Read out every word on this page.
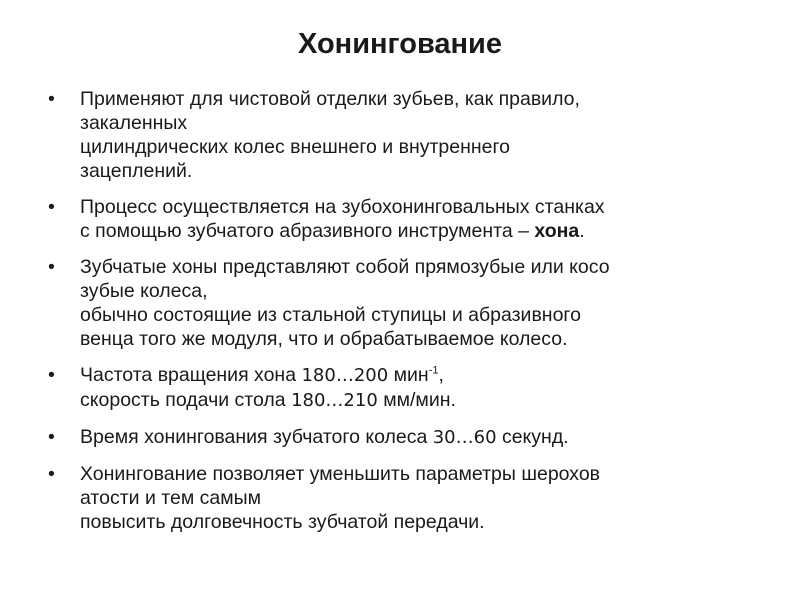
Хонингование
•	Применяют для чистовой отделки зубьев, как правило,
закаленных
цилиндрических колес внешнего и внутреннего
зацеплений.
•	Процесс осуществляется на зубохонинговальных станках
с помощью зубчатого абразивного инструмента – хона.
•	Зубчатые хоны представляют собой прямозубые или косо
зубые колеса,
обычно состоящие из стальной ступицы и абразивного
венца того же модуля, что и обрабатываемое колесо.
•	Частота вращения хона 180…200 мин$^{-1}$,
скорость подачи стола 180…210 мм/мин.
•	Время хонингования зубчатого колеса 30…60 секунд.
•	Хонингование позволяет уменьшить параметры шерохов
атости и тем самым
повысить долговечность зубчатой передачи.
